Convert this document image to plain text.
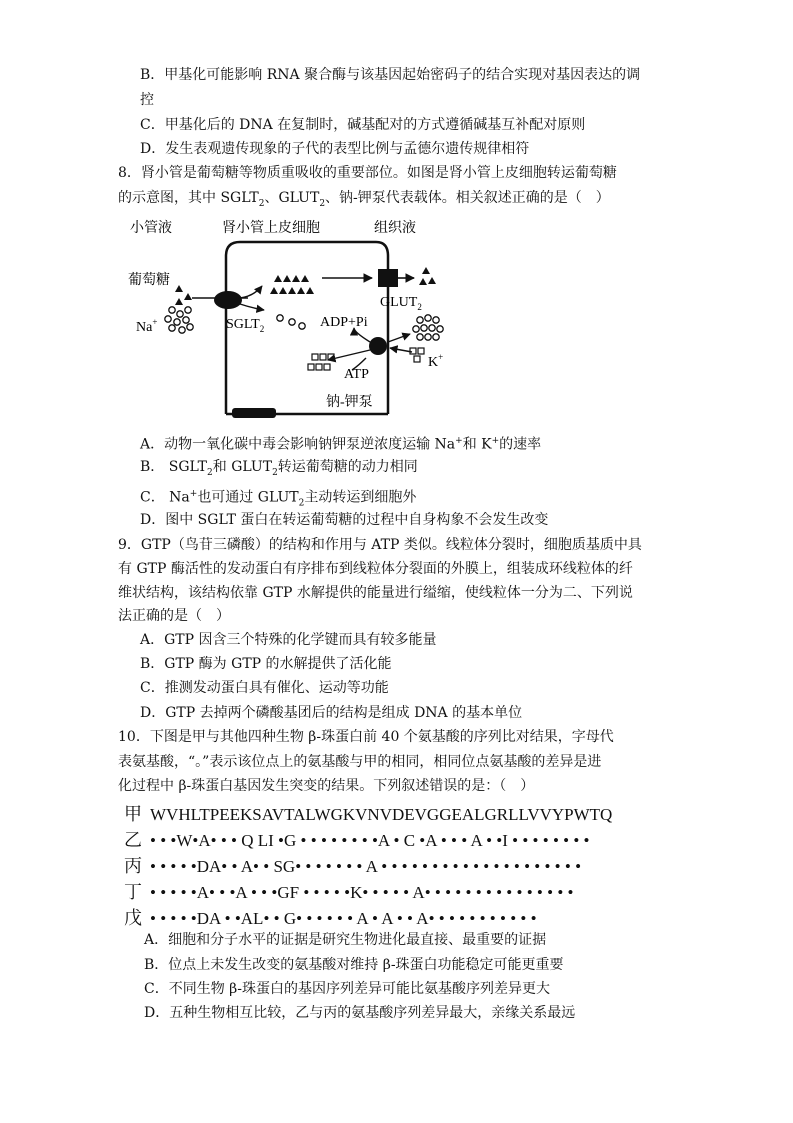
B．甲基化可能影响 RNA 聚合酶与该基因起始密码子的结合实现对基因表达的调
控
C．甲基化后的 DNA 在复制时，碱基配对的方式遵循碱基互补配对原则
D．发生表观遗传现象的子代的表型比例与孟德尔遗传规律相符
8．肾小管是葡萄糖等物质重吸收的重要部位。如图是肾小管上皮细胞转运葡萄糖
的示意图，其中 $SGLT_2$、$GLUT_2$、钠-钾泵代表载体。相关叙述正确的是（　）
小管液	肾小管上皮细胞	组织液
葡萄糖
Na+	$SGLT_2$
$GLUT_2$
ADP+Pi
K+
ATP
钠-钾泵
A．动物一氧化碳中毒会影响钠钾泵逆浓度运输 Na+和 K+的速率
B． $SGLT_2$和 $GLUT_2$转运葡萄糖的动力相同
C． Na+也可通过 $GLUT_2$主动转运到细胞外
D．图中 SGLT 蛋白在转运葡萄糖的过程中自身构象不会发生改变
9．GTP（鸟苷三磷酸）的结构和作用与 ATP 类似。线粒体分裂时，细胞质基质中具
有 GTP 酶活性的发动蛋白有序排布到线粒体分裂面的外膜上，组装成环线粒体的纤
维状结构，该结构依靠 GTP 水解提供的能量进行缢缩，使线粒体一分为二、下列说
法正确的是（　）
A．GTP 因含三个特殊的化学键而具有较多能量
B．GTP 酶为 GTP 的水解提供了活化能
C．推测发动蛋白具有催化、运动等功能
D．GTP 去掉两个磷酸基团后的结构是组成 DNA 的基本单位
10．下图是甲与其他四种生物 β-珠蛋白前 40 个氨基酸的序列比对结果，字母代
表氨基酸，“。”表示该位点上的氨基酸与甲的相同，相同位点氨基酸的差异是进
化过程中 β-珠蛋白基因发生突变的结果。下列叙述错误的是：（　）
甲 WVHLTPEEKSAVTALWGKVNVDEVGGEALGRLLVVYPWTQ
乙 • • •W•A• • • Q LI •G • • • • • • • •A • C •A • • • A • •I • • • • • • • •
丙 • • • • •DA• • A• • SG• • • • • • • A • • • • • • • • • • • • • • • • • • • •
丁 • • • • •A• • •A • • •GF • • • • •K• • • • • A• • • • • • • • • • • • • • •
戊 • • • • •DA • •AL• • G• • • • • • A • A • • A• • • • • • • • • • •
A．细胞和分子水平的证据是研究生物进化最直接、最重要的证据
B．位点上未发生改变的氨基酸对维持 β-珠蛋白功能稳定可能更重要
C．不同生物 β-珠蛋白的基因序列差异可能比氨基酸序列差异更大
D．五种生物相互比较，乙与丙的氨基酸序列差异最大，亲缘关系最远
